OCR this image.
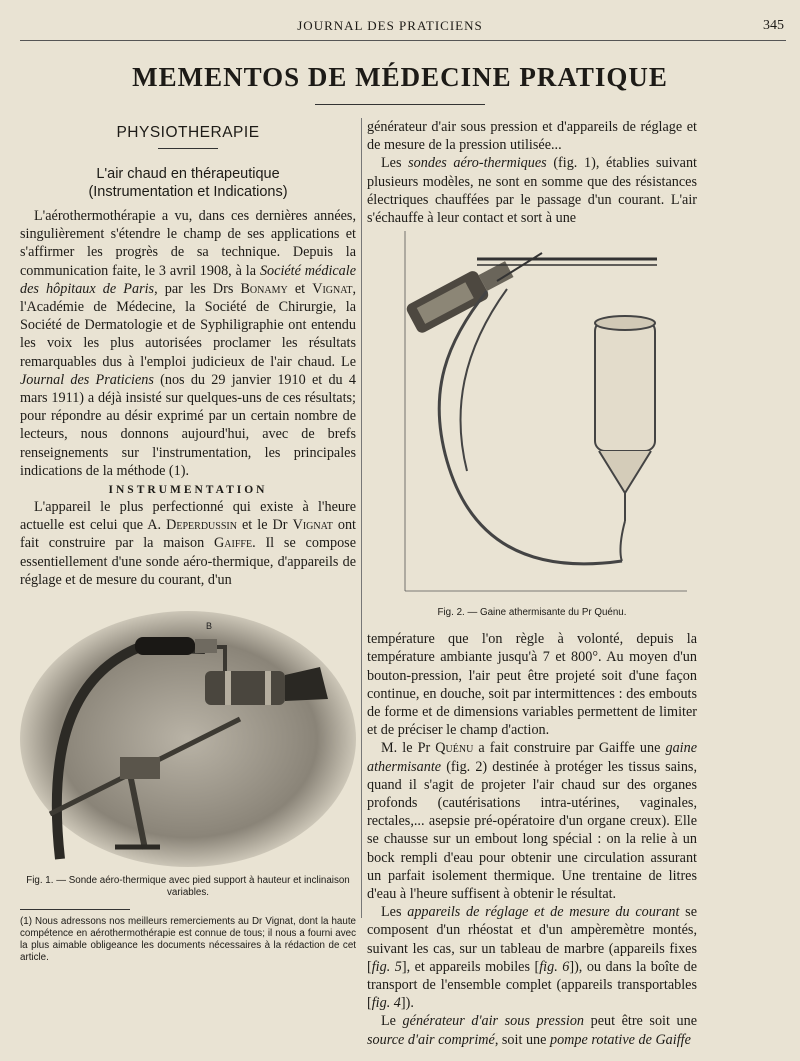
JOURNAL DES PRATICIENS	345
MEMENTOS DE MÉDECINE PRATIQUE
PHYSIOTHERAPIE
L'air chaud en thérapeutique
(Instrumentation et Indications)

L'aérothermothérapie a vu, dans ces dernières années, singulièrement s'étendre le champ de ses applications et s'affirmer les progrès de sa technique. Depuis la communication faite, le 3 avril 1908, à la Société médicale des hôpitaux de Paris, par les Drs Bonamy et Vignat, l'Académie de Médecine, la Société de Chirurgie, la Société de Dermatologie et de Syphiligraphie ont entendu les voix les plus autorisées proclamer les résultats remarquables dus à l'emploi judicieux de l'air chaud. Le Journal des Praticiens (nos du 29 janvier 1910 et du 4 mars 1911) a déjà insisté sur quelques-uns de ces résultats; pour répondre au désir exprimé par un certain nombre de lecteurs, nous donnons aujourd'hui, avec de brefs renseignements sur l'instrumentation, les principales indications de la méthode (1).

INSTRUMENTATION

L'appareil le plus perfectionné qui existe à l'heure actuelle est celui que A. Deperdussin et le Dr Vignat ont fait construire par la maison Gaiffe. Il se compose essentiellement d'une sonde aéro-thermique, d'appareils de réglage et de mesure du courant, d'un

B
Fig. 1. — Sonde aéro-thermique avec pied support à hauteur et inclinaison variables.
(1) Nous adressons nos meilleurs remerciements au Dr Vignat, dont la haute compétence en aérothermothérapie est connue de tous; il nous a fourni avec la plus aimable obligeance les documents nécessaires à la rédaction de cet article.

générateur d'air sous pression et d'appareils de réglage et de mesure de la pression utilisée...

Les sondes aéro-thermiques (fig. 1), établies suivant plusieurs modèles, ne sont en somme que des résistances électriques chauffées par le passage d'un courant. L'air s'échauffe à leur contact et sort à une

Fig. 2. — Gaine athermisante du Pr Quénu.

température que l'on règle à volonté, depuis la température ambiante jusqu'à 7 et 800°. Au moyen d'un bouton-pression, l'air peut être projeté soit d'une façon continue, en douche, soit par intermittences : des embouts de forme et de dimensions variables permettent de limiter et de préciser le champ d'action.

M. le Pr Quénu a fait construire par Gaiffe une gaine athermisante (fig. 2) destinée à protéger les tissus sains, quand il s'agit de projeter l'air chaud sur des organes profonds (cautérisations intra-utérines, vaginales, rectales,... asepsie pré-opératoire d'un organe creux). Elle se chausse sur un embout long spécial : on la relie à un bock rempli d'eau pour obtenir une circulation assurant un parfait isolement thermique. Une trentaine de litres d'eau à l'heure suffisent à obtenir le résultat.

Les appareils de réglage et de mesure du courant se composent d'un rhéostat et d'un ampèremètre montés, suivant les cas, sur un tableau de marbre (appareils fixes [fig. 5], et appareils mobiles [fig. 6]), ou dans la boîte de transport de l'ensemble complet (appareils transportables [fig. 4]).

Le générateur d'air sous pression peut être soit une source d'air comprimé, soit une pompe rotative de Gaiffe
